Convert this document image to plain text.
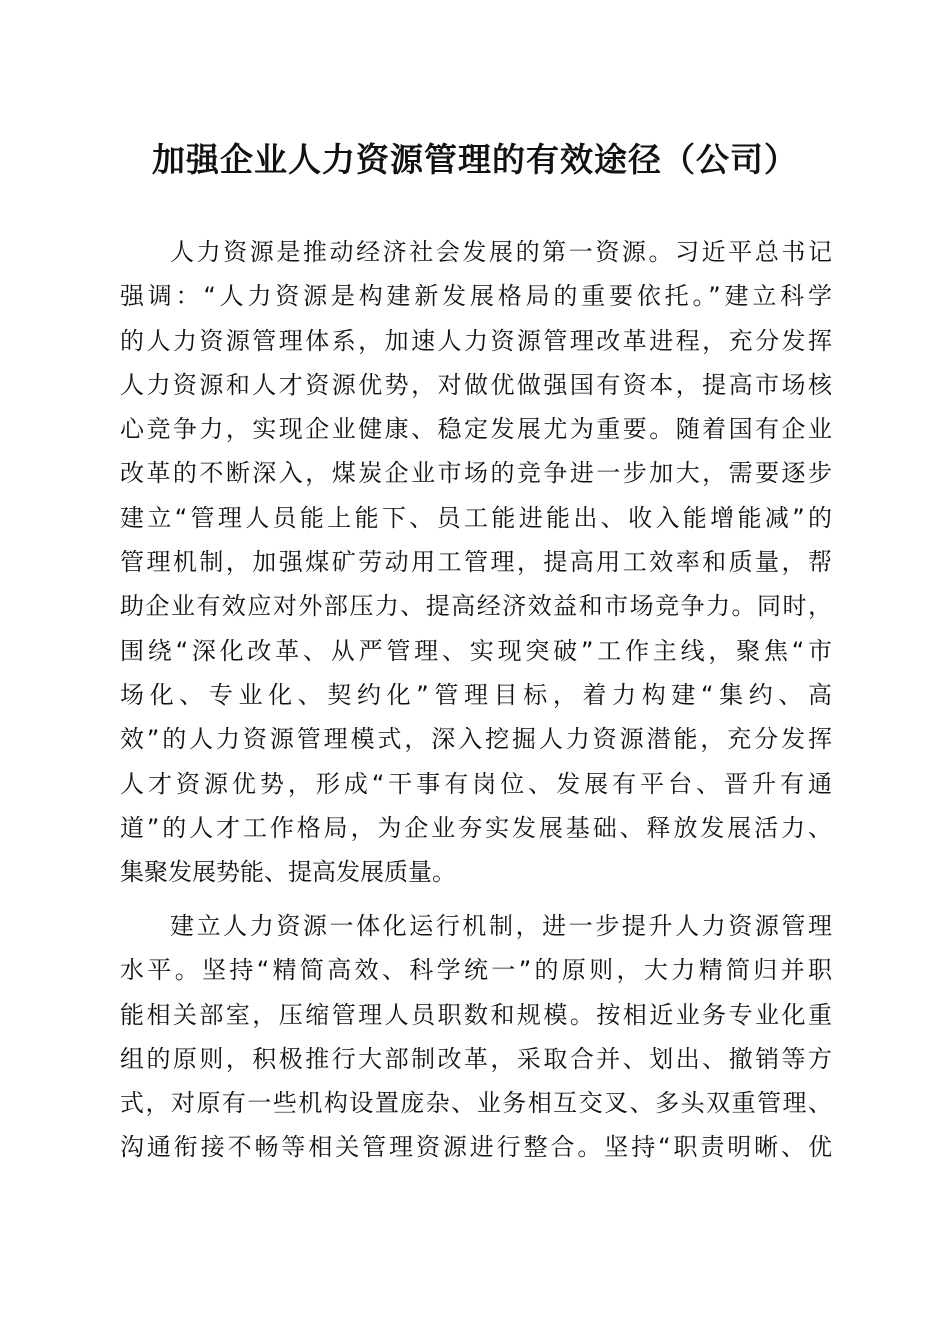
加强企业人力资源管理的有效途径（公司）
人力资源是推动经济社会发展的第一资源。习近平总书记
强调：“人力资源是构建新发展格局的重要依托。”建立科学
的人力资源管理体系，加速人力资源管理改革进程，充分发挥
人力资源和人才资源优势，对做优做强国有资本，提高市场核
心竞争力，实现企业健康、稳定发展尤为重要。随着国有企业
改革的不断深入，煤炭企业市场的竞争进一步加大，需要逐步
建立“管理人员能上能下、员工能进能出、收入能增能减”的
管理机制，加强煤矿劳动用工管理，提高用工效率和质量，帮
助企业有效应对外部压力、提高经济效益和市场竞争力。同时，
围绕“深化改革、从严管理、实现突破”工作主线，聚焦“市
场化、专业化、契约化”管理目标，着力构建“集约、高
效”的人力资源管理模式，深入挖掘人力资源潜能，充分发挥
人才资源优势，形成“干事有岗位、发展有平台、晋升有通
道”的人才工作格局，为企业夯实发展基础、释放发展活力、
集聚发展势能、提高发展质量。
建立人力资源一体化运行机制，进一步提升人力资源管理
水平。坚持“精简高效、科学统一”的原则，大力精简归并职
能相关部室，压缩管理人员职数和规模。按相近业务专业化重
组的原则，积极推行大部制改革，采取合并、划出、撤销等方
式，对原有一些机构设置庞杂、业务相互交叉、多头双重管理、
沟通衔接不畅等相关管理资源进行整合。坚持“职责明晰、优
